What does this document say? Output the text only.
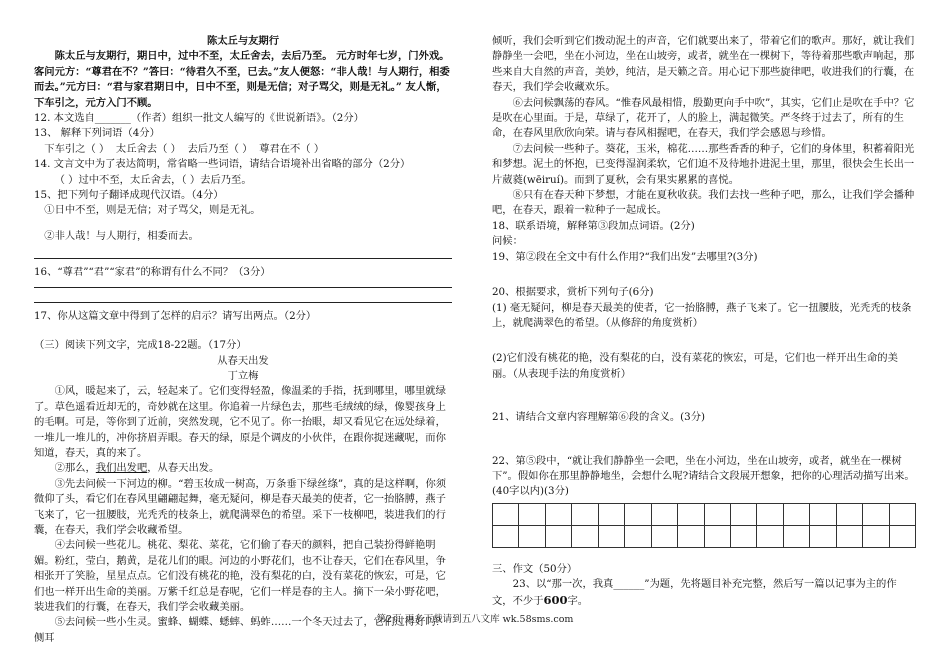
陈太丘与友期行

陈太丘与友期行，期日中，过中不至，太丘舍去，去后乃至。 元方时年七岁，门外戏。客问元方：“尊君在不？”答曰：“待君久不至，已去。”友人便怒：“非人哉！与人期行，相委而去。”元方曰：“君与家君期日中，日中不至，则是无信；对子骂父，则是无礼。” 友人惭，下车引之，元方入门不顾。

12. 本文选自_______（作者）组织一批文人编写的《世说新语》。（2分）

13、 解释下列词语（4分）

下车引之（ ）  太丘舍去（ ）  去后乃至（ ）  尊君在不（ ）

14. 文言文中为了表达简明，常省略一些词语，请结合语境补出省略的部分（2分）

（ ）过中不至，太丘舍去，（ ）去后乃至。

15、把下列句子翻译成现代汉语。（4分）

①日中不至，则是无信；对子骂父，则是无礼。

②非人哉！与人期行，相委而去。

16、“尊君”“君”“家君”的称谓有什么不同？（3分）

17、你从这篇文章中得到了怎样的启示？请写出两点。（2分）

（三）阅读下列文字，完成18-22题。（17分）

从春天出发

丁立梅

①风，暖起来了，云，轻起来了。它们变得轻盈，像温柔的手指，抚到哪里，哪里就绿了。草色遥看近却无的，奇妙就在这里。你追着一片绿色去，那些毛绒绒的绿，像婴孩身上的毛啊。可是，等你到了近前，突然发现，它不见了。你一抬眼，却又看见它在远处绿着，一堆儿一堆儿的，冲你挤眉弄眼。春天的绿，原是个调皮的小伙伴，在跟你捉迷藏呢，而你知道，春天，真的来了。

②那么，我们出发吧，从春天出发。

③先去问候一下河边的柳。“碧玉妆成一树高，万条垂下绿丝绦”，真的是这样啊，你须微仰了头，看它们在春风里翩翩起舞，毫无疑问，柳是春天最美的使者，它一抬胳膊，燕子飞来了，它一扭腰肢，光秃秃的枝条上，就爬满翠色的希望。采下一枝柳吧，装进我们的行囊，在春天，我们学会收藏希望。

④去问候一些花儿。桃花、梨花、菜花，它们偷了春天的颜料，把自己装扮得鲜艳明媚。粉红，莹白，鹅黄，是花儿们的眼。河边的小野花们，也不让春天，它们在春风里，争相张开了笑脸，星星点点。它们没有桃花的艳，没有梨花的白，没有菜花的恢宏，可是，它们也一样开出生命的美丽。万紫千红总是春呢，它们一样是春的主人。摘下一朵小野花吧，装进我们的行囊，在春天，我们学会收藏美丽。

⑤去问候一些小生灵。蜜蜂、蝴蝶、蟋蟀、蚂蚱……一个冬天过去了，它们过得好吗？侧耳

倾听，我们会听到它们拨动泥土的声音，它们就要出来了，带着它们的歌声。那好，就让我们静静坐一会吧，坐在小河边，坐在山坡旁，或者，就坐在一棵树下，等待着那些歌声响起，那些来自大自然的声音，美妙，纯洁，是天籁之音。用心记下那些旋律吧，收进我们的行囊，在春天，我们学会收藏欢乐。

⑥去问候飘荡的春风。“惟春风最相惜，殷勤更向手中吹”，其实，它们止是吹在手中？它是吹在心里面。于是，草绿了，花开了，人的脸上，满起微笑。严冬终于过去了，所有的生命，在春风里欣欣向荣。请与春风相握吧，在春天，我们学会感恩与珍惜。

⑦去问候一些种子。葵花，玉米，棉花……那些香香的种子，它们的身体里，积蓄着阳光和梦想。泥土的怀抱，已变得湿润柔软，它们迫不及待地扑进泥土里，那里，很快会生长出一片葳蕤(wēiruí)。而到了夏秋，会有果实累累的喜悦。

⑧只有在春天种下梦想，才能在夏秋收获。我们去找一些种子吧，那么，让我们学会播种吧，在春天，跟着一粒种子一起成长。

18、联系语境，解释第③段加点词语。(2分)

问候：

19、第②段在全文中有什么作用?“我们出发”去哪里?(3分)

20、根据要求，赏析下列句子(6分)

(1) 毫无疑问，柳是春天最美的使者，它一抬胳膊，燕子飞来了。它一扭腰肢，光秃秃的枝条上，就爬满翠色的希望。（从修辞的角度赏析）

(2)它们没有桃花的艳，没有梨花的白，没有菜花的恢宏，可是，它们也一样开出生命的美丽。（从表现手法的角度赏析）

21、请结合文章内容理解第⑥段的含义。(3分)

22、第⑤段中，“就让我们静静坐一会吧，坐在小河边，坐在山坡旁，或者，就坐在一棵树下”。假如你在那里静静地坐，会想什么呢?请结合文段展开想象，把你的心理活动描写出来。

(40字以内)(3分)

三、作文（50分）

23、以“那一次，我真______”为题，先将题目补充完整，然后写一篇以记事为主的作文，不少于600字。

第2页 更多下载请到五八文库 wk.58sms.com
